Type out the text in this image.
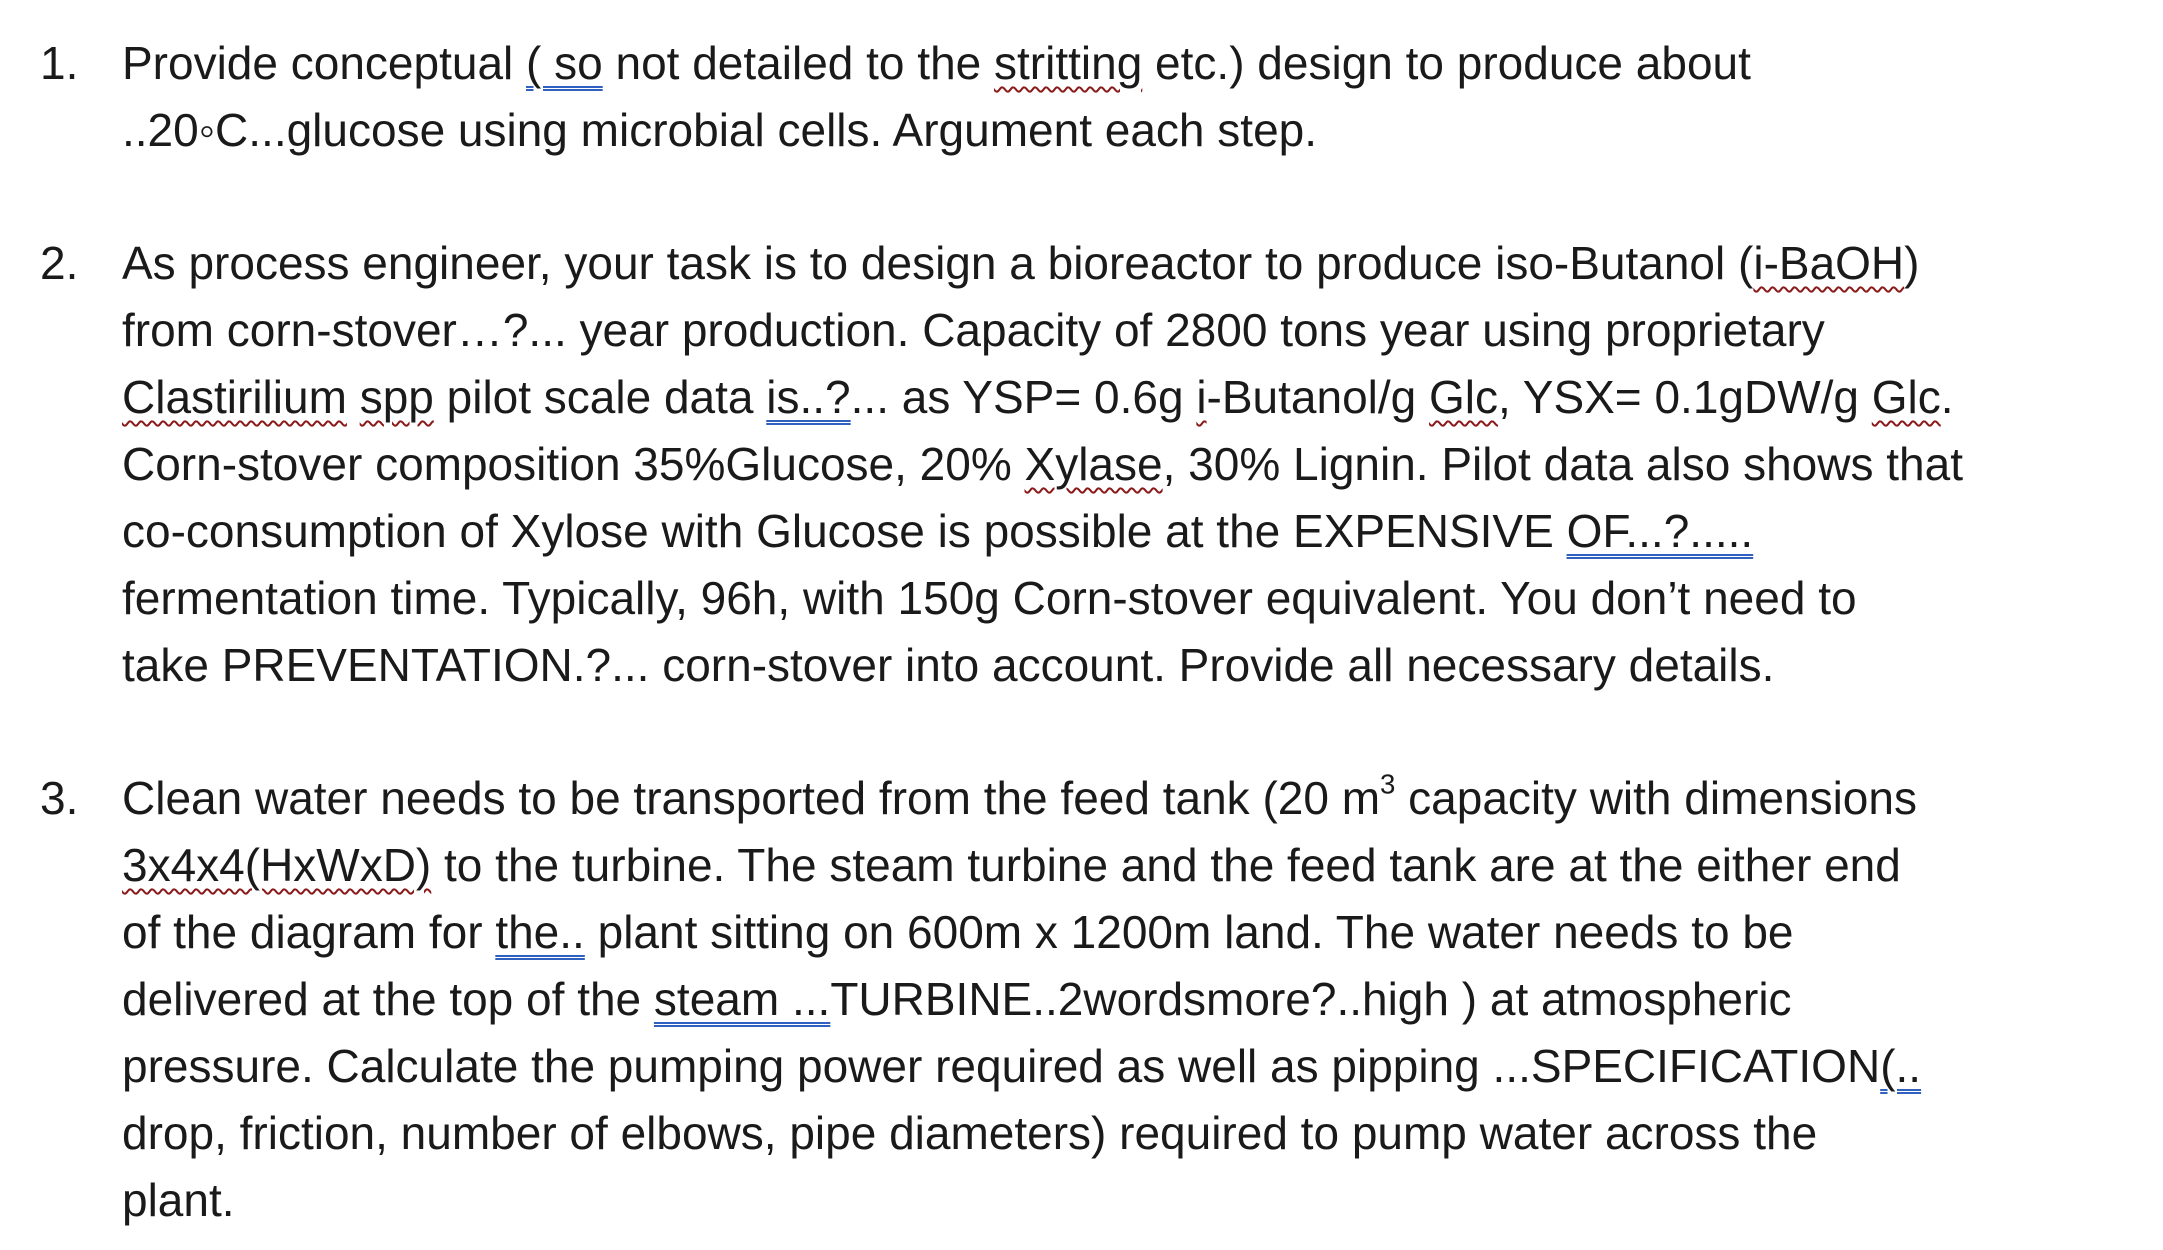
1. Provide conceptual ( so not detailed to the stritting etc.) design to produce about
..20◦C...glucose using microbial cells. Argument each step.
2. As process engineer, your task is to design a bioreactor to produce iso-Butanol (i-BaOH)
from corn-stover…?... year production. Capacity of 2800 tons year using proprietary
Clastirilium spp pilot scale data is..?... as YSP= 0.6g i-Butanol/g Glc, YSX= 0.1gDW/g Glc.
Corn-stover composition 35%Glucose, 20% Xylase, 30% Lignin. Pilot data also shows that
co-consumption of Xylose with Glucose is possible at the EXPENSIVE OF...?.....
fermentation time. Typically, 96h, with 150g Corn-stover equivalent. You don’t need to
take PREVENTATION.?... corn-stover into account. Provide all necessary details.
3. Clean water needs to be transported from the feed tank (20 $m^3$ capacity with dimensions
3x4x4(HxWxD) to the turbine. The steam turbine and the feed tank are at the either end
of the diagram for the.. plant sitting on 600m x 1200m land. The water needs to be
delivered at the top of the steam ...TURBINE..2wordsmore?..high ) at atmospheric
pressure. Calculate the pumping power required as well as pipping ...SPECIFICATION(..
drop, friction, number of elbows, pipe diameters) required to pump water across the
plant.
